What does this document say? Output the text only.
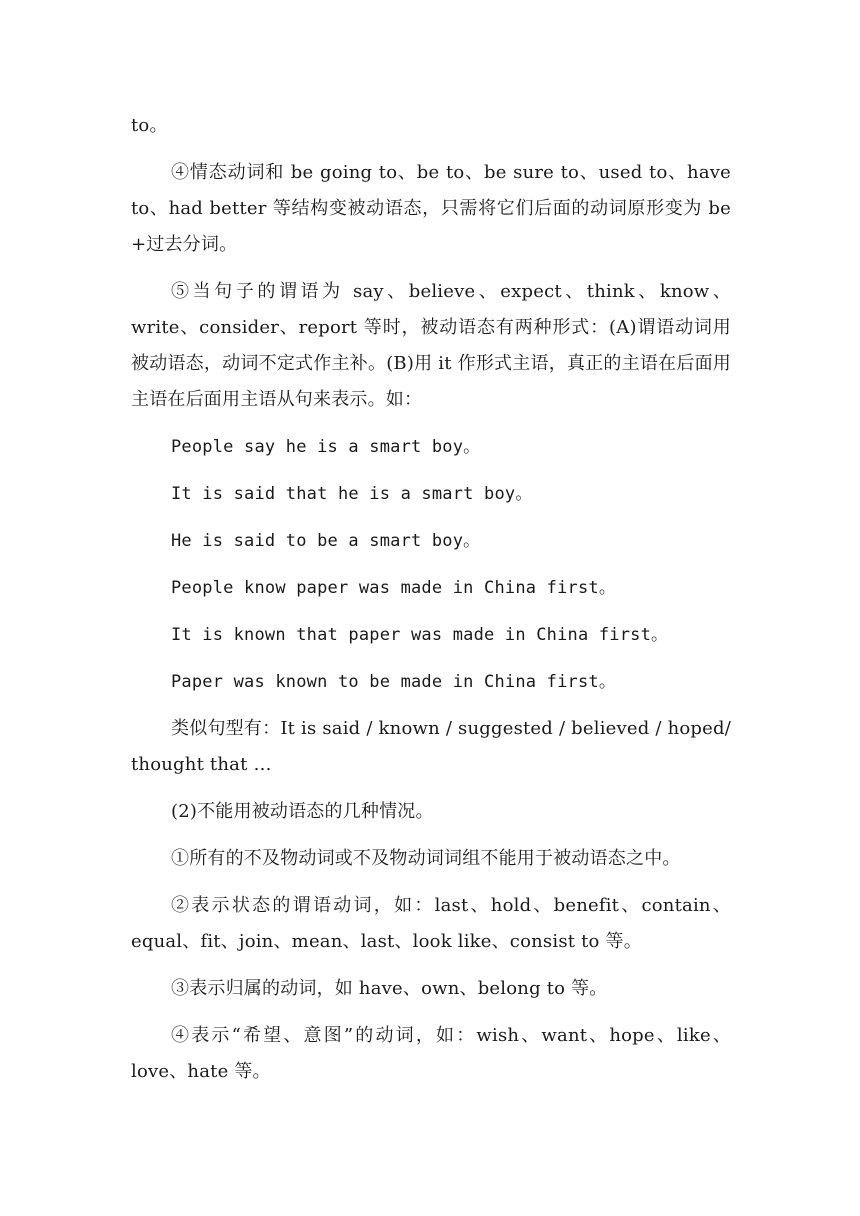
to。

④情态动词和 be going to、be to、be sure to、used to、have to、had better 等结构变被动语态，只需将它们后面的动词原形变为 be +过去分词。

⑤当句子的谓语为 say、believe、expect、think、know、write、consider、report 等时，被动语态有两种形式：(A)谓语动词用被动语态，动词不定式作主补。(B)用 it 作形式主语，真正的主语在后面用主语在后面用主语从句来表示。如：

People say he is a smart boy。

It is said that he is a smart boy。

He is said to be a smart boy。

People know paper was made in China first。

It is known that paper was made in China first。

Paper was known to be made in China first。

类似句型有：It is said / known / suggested / believed / hoped/ thought that …

(2)不能用被动语态的几种情况。

①所有的不及物动词或不及物动词词组不能用于被动语态之中。

②表示状态的谓语动词，如：last、hold、benefit、contain、equal、fit、join、mean、last、look like、consist to 等。

③表示归属的动词，如 have、own、belong to 等。

④表示“希望、意图”的动词，如：wish、want、hope、like、love、hate 等。
